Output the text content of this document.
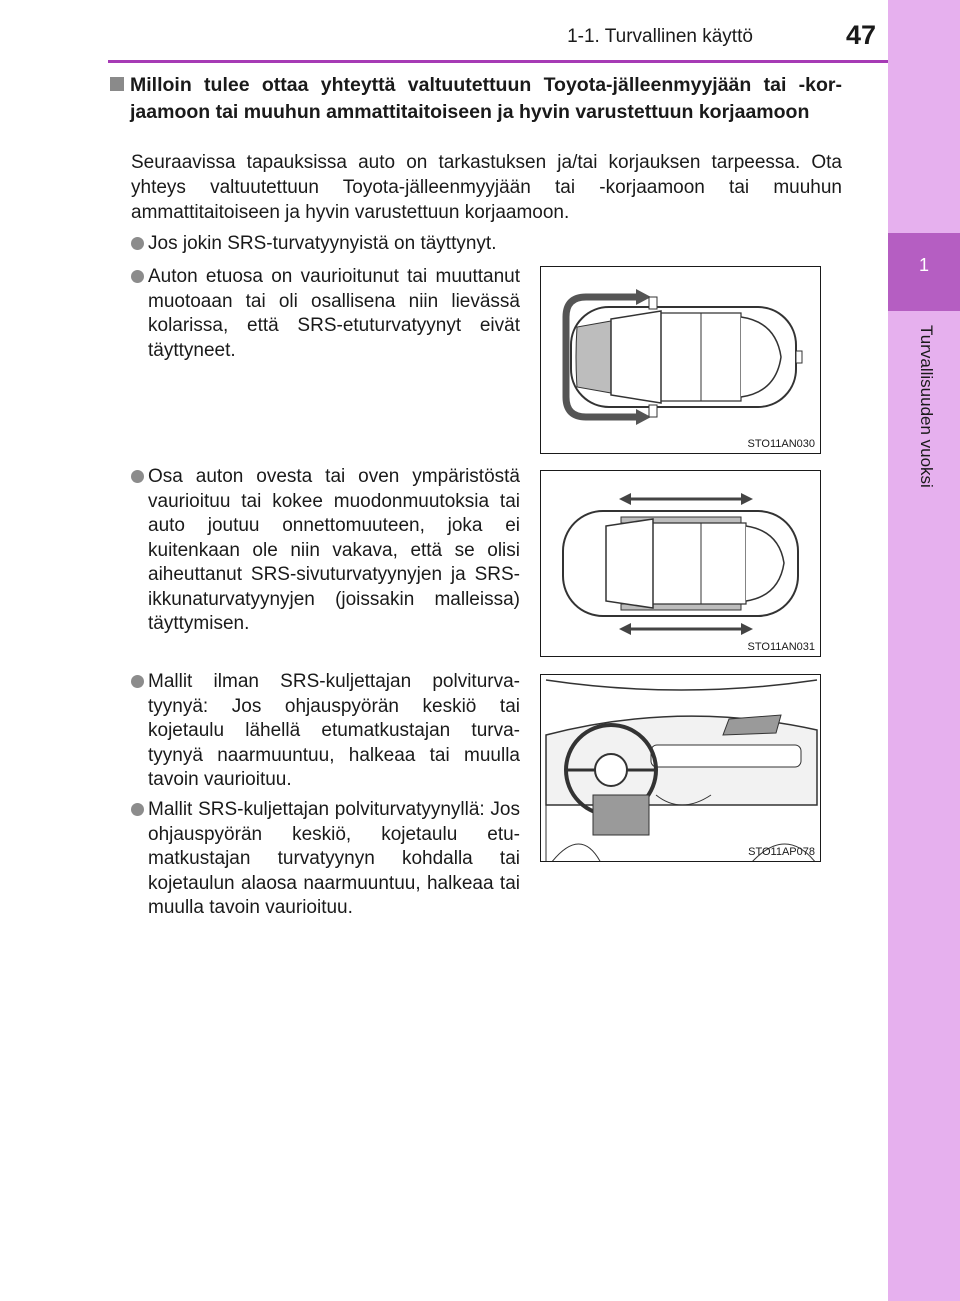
1-1. Turvallinen käyttö	47
1
Turvallisuuden vuoksi
Milloin tulee ottaa yhteyttä valtuutettuun Toyota-jälleenmyyjään tai -korjaamoon tai muuhun ammattitaitoiseen ja hyvin varustettuun korjaamoon
Seuraavissa tapauksissa auto on tarkastuksen ja/tai korjauksen tarpeessa. Ota yhteys valtuutettuun Toyota-jälleenmyyjään tai -korjaamoon tai muuhun ammattitaitoiseen ja hyvin varustettuun korjaamoon.
Jos jokin SRS-turvatyynyistä on täyttynyt.
Auton etuosa on vaurioitunut tai muuttanut muotoaan tai oli osallisena niin lievässä kolarissa, että SRS-etuturvatyynyt eivät täyttyneet.
Osa auton ovesta tai oven ympäristöstä vaurioituu tai kokee muodonmuutoksia tai auto joutuu onnettomuuteen, joka ei kuitenkaan ole niin vakava, että se olisi aiheuttanut SRS-sivuturvatyynyjen ja SRS-ikkunaturvatyynyjen (joissakin malleissa) täyttymisen.
Mallit ilman SRS-kuljettajan polviturvatyynyä: Jos ohjauspyörän keskiö tai kojetaulu lähellä etumatkustajan turvatyynyä naarmuuntuu, halkeaa tai muulla tavoin vaurioituu.
Mallit SRS-kuljettajan polviturvatyynyllä: Jos ohjauspyörän keskiö, kojetaulu etumatkustajan turvatyynyn kohdalla tai kojetaulun alaosa naarmuuntuu, halkeaa tai muulla tavoin vaurioituu.
STO11AN030
STO11AN031
STO11AP078
